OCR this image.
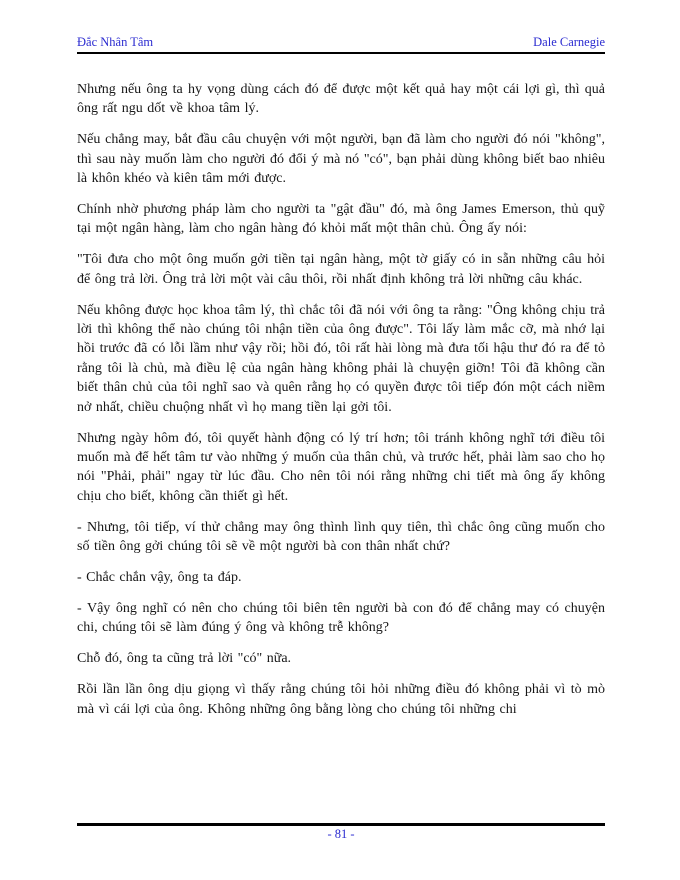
Đắc Nhân Tâm	Dale Carnegie

Nhưng nếu ông ta hy vọng dùng cách đó để được một kết quả hay một cái lợi gì, thì quả ông rất ngu dốt về khoa tâm lý.

Nếu chẳng may, bắt đầu câu chuyện với một người, bạn đã làm cho người đó nói "không", thì sau này muốn làm cho người đó đổi ý mà nó "có", bạn phải dùng không biết bao nhiêu là khôn khéo và kiên tâm mới được.

Chính nhờ phương pháp làm cho người ta "gật đầu" đó, mà ông James Emerson, thủ quỹ tại một ngân hàng, làm cho ngân hàng đó khỏi mất một thân chủ. Ông ấy nói:

"Tôi đưa cho một ông muốn gởi tiền tại ngân hàng, một tờ giấy có in sẵn những câu hỏi để ông trả lời. Ông trả lời một vài câu thôi, rồi nhất định không trả lời những câu khác.

Nếu không được học khoa tâm lý, thì chắc tôi đã nói với ông ta rằng: "Ông không chịu trả lời thì không thể nào chúng tôi nhận tiền của ông được". Tôi lấy làm mắc cỡ, mà nhớ lại hồi trước đã có lỗi lầm như vậy rồi; hồi đó, tôi rất hài lòng mà đưa tối hậu thư đó ra để tỏ rằng tôi là chủ, mà điều lệ của ngân hàng không phải là chuyện giỡn! Tôi đã không cần biết thân chủ của tôi nghĩ sao và quên rằng họ có quyền được tôi tiếp đón một cách niềm nở nhất, chiều chuộng nhất vì họ mang tiền lại gởi tôi.

Nhưng ngày hôm đó, tôi quyết hành động có lý trí hơn; tôi tránh không nghĩ tới điều tôi muốn mà để hết tâm tư vào những ý muốn của thân chủ, và trước hết, phải làm sao cho họ nói "Phải, phải" ngay từ lúc đầu. Cho nên tôi nói rằng những chi tiết mà ông ấy không chịu cho biết, không cần thiết gì hết.

- Nhưng, tôi tiếp, ví thử chẳng may ông thình lình quy tiên, thì chắc ông cũng muốn cho số tiền ông gởi chúng tôi sẽ về một người bà con thân nhất chứ?

- Chắc chắn vậy, ông ta đáp.

- Vậy ông nghĩ có nên cho chúng tôi biên tên người bà con đó để chẳng may có chuyện chi, chúng tôi sẽ làm đúng ý ông và không trễ không?

Chỗ đó, ông ta cũng trả lời "có" nữa.

Rồi lần lần ông dịu giọng vì thấy rằng chúng tôi hỏi những điều đó không phải vì tò mò mà vì cái lợi của ông. Không những ông bằng lòng cho chúng tôi những chi

- 81 -
